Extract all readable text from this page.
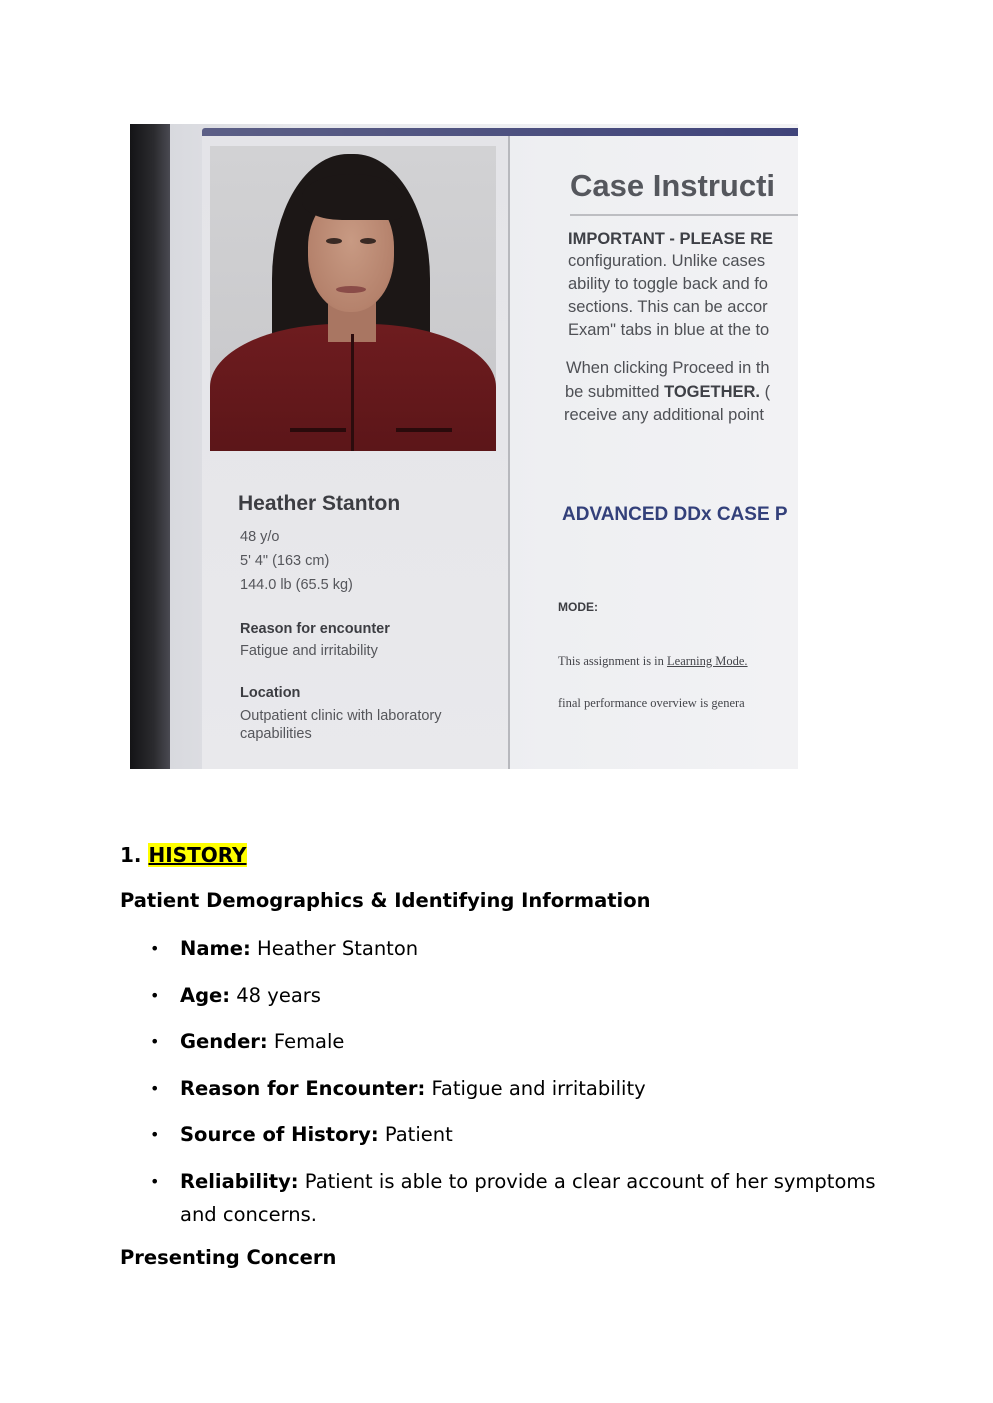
Heather Stanton
48 y/o
5' 4" (163 cm)
144.0 lb (65.5 kg)
Reason for encounter
Fatigue and irritability
Location
Outpatient clinic with laboratory
capabilities
Case Instructi
IMPORTANT - PLEASE RE
configuration. Unlike cases
ability to toggle back and fo
sections. This can be accor
Exam" tabs in blue at the to
When clicking Proceed in th
be submitted TOGETHER. (
receive any additional point
ADVANCED DDx CASE P
MODE:
This assignment is in Learning Mode.
final performance overview is genera
1. HISTORY
Patient Demographics & Identifying Information
• Name: Heather Stanton
• Age: 48 years
• Gender: Female
• Reason for Encounter: Fatigue and irritability
• Source of History: Patient
• Reliability: Patient is able to provide a clear account of her symptoms and concerns.
Presenting Concern
